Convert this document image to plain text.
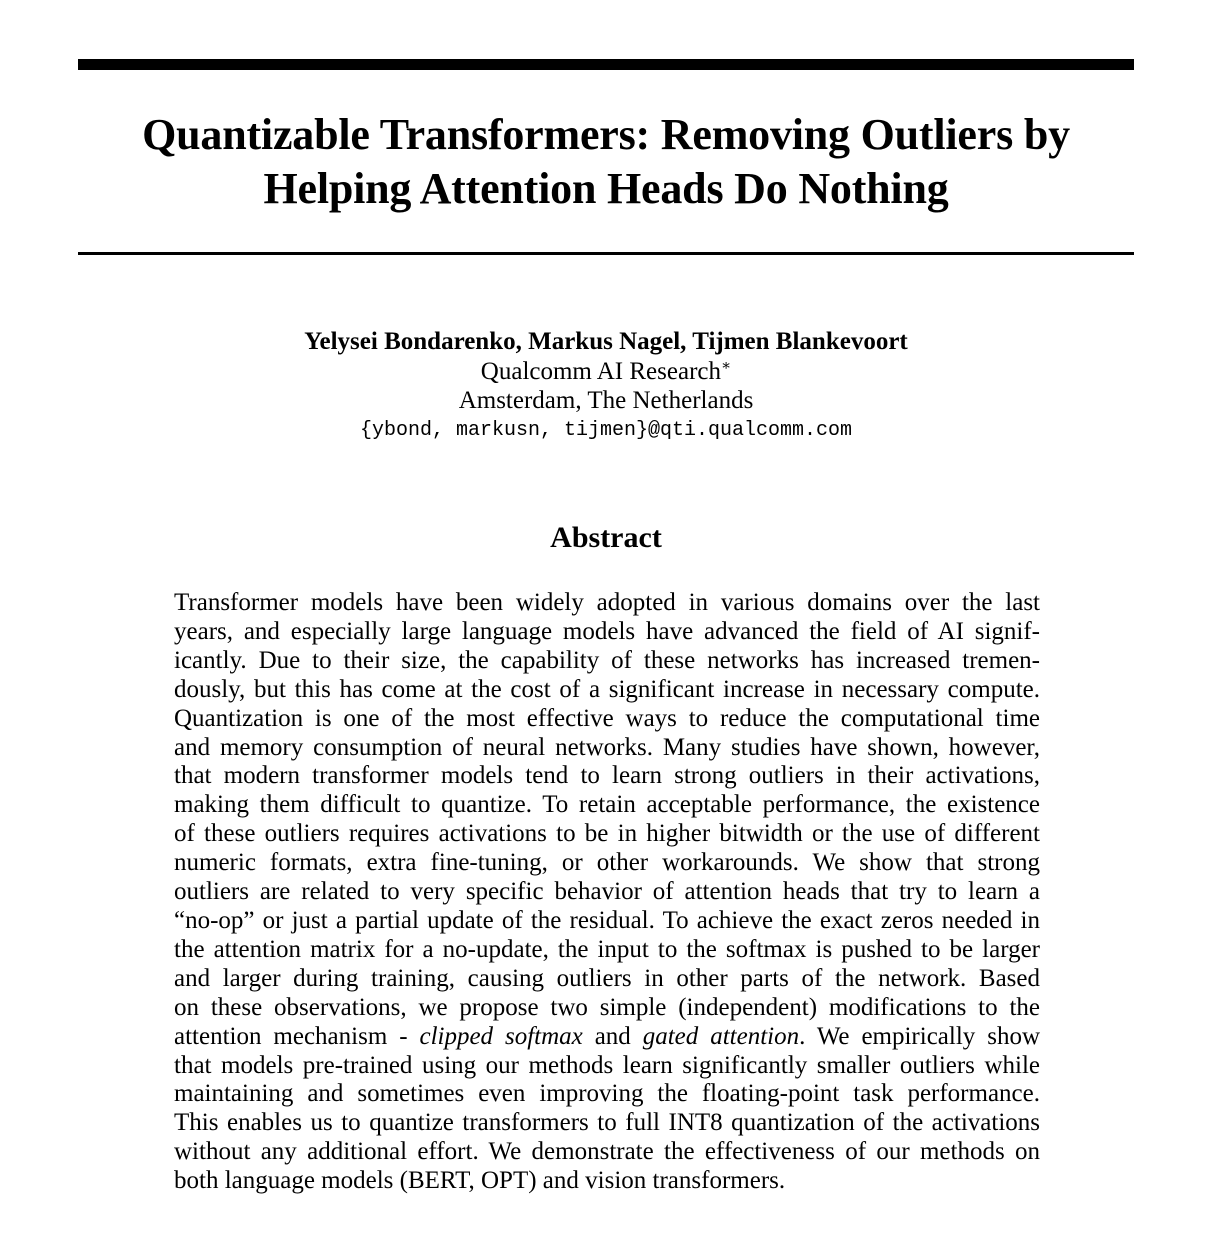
Quantizable Transformers: Removing Outliers by
Helping Attention Heads Do Nothing
Yelysei Bondarenko, Markus Nagel, Tijmen Blankevoort
Qualcomm AI Research∗
Amsterdam, The Netherlands
{ybond, markusn, tijmen}@qti.qualcomm.com
Abstract
Transformer models have been widely adopted in various domains over the last
years, and especially large language models have advanced the field of AI signif-
icantly. Due to their size, the capability of these networks has increased tremen-
dously, but this has come at the cost of a significant increase in necessary compute.
Quantization is one of the most effective ways to reduce the computational time
and memory consumption of neural networks. Many studies have shown, however,
that modern transformer models tend to learn strong outliers in their activations,
making them difficult to quantize. To retain acceptable performance, the existence
of these outliers requires activations to be in higher bitwidth or the use of different
numeric formats, extra fine-tuning, or other workarounds. We show that strong
outliers are related to very specific behavior of attention heads that try to learn a
“no-op” or just a partial update of the residual. To achieve the exact zeros needed in
the attention matrix for a no-update, the input to the softmax is pushed to be larger
and larger during training, causing outliers in other parts of the network. Based
on these observations, we propose two simple (independent) modifications to the
attention mechanism - clipped softmax and gated attention. We empirically show
that models pre-trained using our methods learn significantly smaller outliers while
maintaining and sometimes even improving the floating-point task performance.
This enables us to quantize transformers to full INT8 quantization of the activations
without any additional effort. We demonstrate the effectiveness of our methods on
both language models (BERT, OPT) and vision transformers.
